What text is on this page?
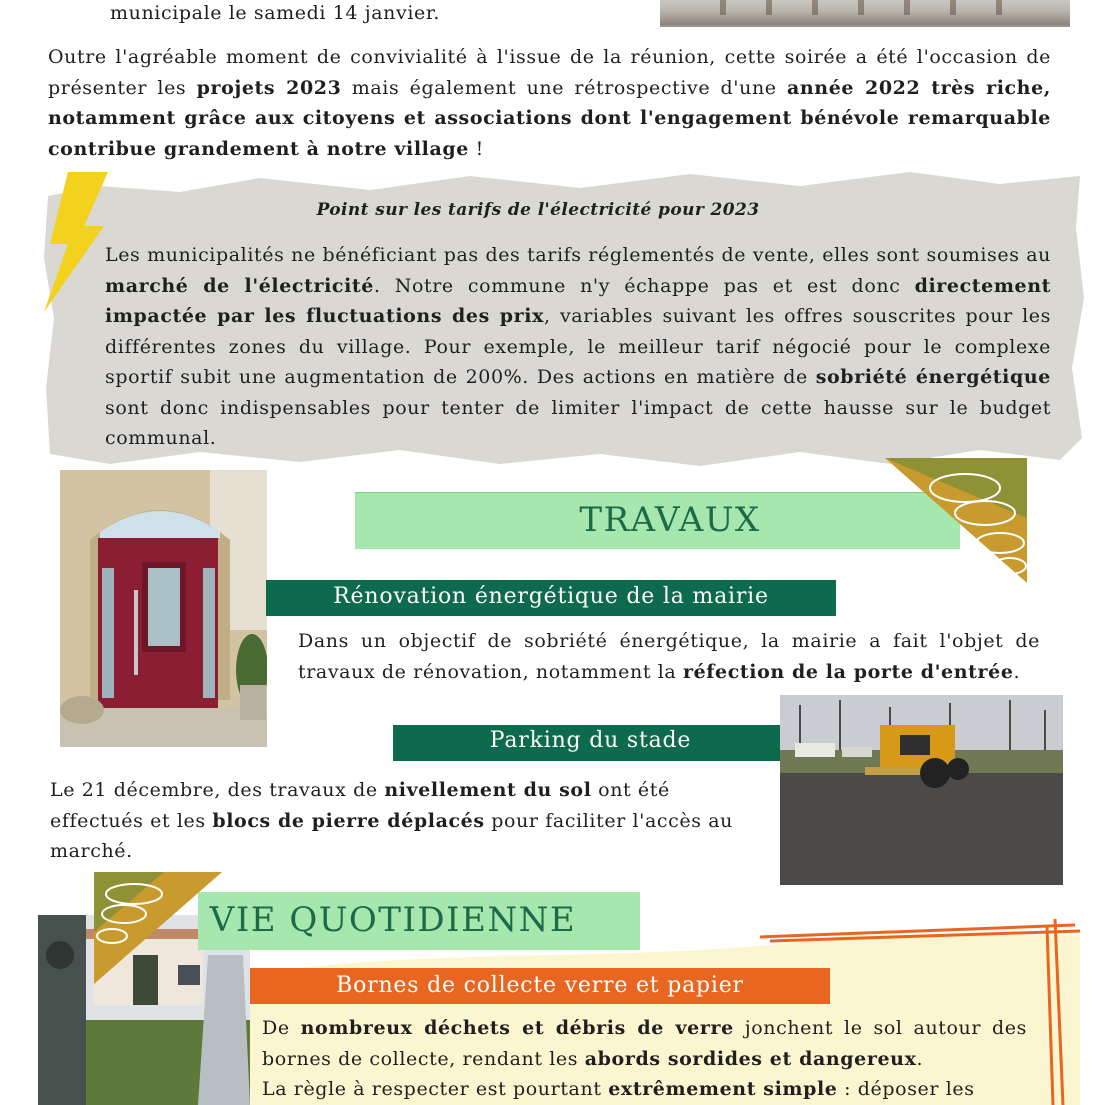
municipale le samedi 14 janvier.
Outre l'agréable moment de convivialité à l'issue de la réunion, cette soirée a été l'occasion de présenter les projets 2023 mais également une rétrospective d'une année 2022 très riche, notamment grâce aux citoyens et associations dont l'engagement bénévole remarquable contribue grandement à notre village !
Point sur les tarifs de l'électricité pour 2023
Les municipalités ne bénéficiant pas des tarifs réglementés de vente, elles sont soumises au marché de l'électricité. Notre commune n'y échappe pas et est donc directement impactée par les fluctuations des prix, variables suivant les offres souscrites pour les différentes zones du village. Pour exemple, le meilleur tarif négocié pour le complexe sportif subit une augmentation de 200%. Des actions en matière de sobriété énergétique sont donc indispensables pour tenter de limiter l'impact de cette hausse sur le budget communal.
TRAVAUX
Rénovation énergétique de la mairie
Dans un objectif de sobriété énergétique, la mairie a fait l'objet de travaux de rénovation, notamment la réfection de la porte d'entrée.
Parking du stade
Le 21 décembre, des travaux de nivellement du sol ont été effectués et les blocs de pierre déplacés pour faciliter l'accès au marché.
VIE QUOTIDIENNE
Bornes de collecte verre et papier
De nombreux déchets et débris de verre jonchent le sol autour des bornes de collecte, rendant les abords sordides et dangereux.
La règle à respecter est pourtant extrêmement simple : déposer les
